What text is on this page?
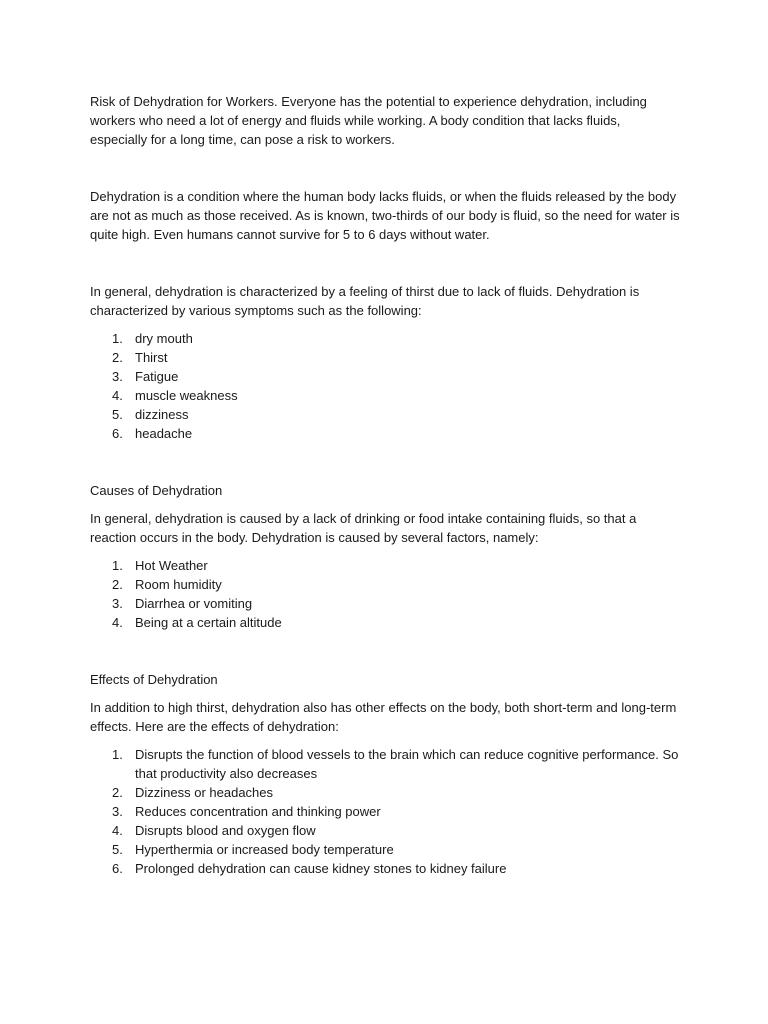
Risk of Dehydration for Workers. Everyone has the potential to experience dehydration, including workers who need a lot of energy and fluids while working. A body condition that lacks fluids, especially for a long time, can pose a risk to workers.

Dehydration is a condition where the human body lacks fluids, or when the fluids released by the body are not as much as those received. As is known, two-thirds of our body is fluid, so the need for water is quite high. Even humans cannot survive for 5 to 6 days without water.

In general, dehydration is characterized by a feeling of thirst due to lack of fluids. Dehydration is characterized by various symptoms such as the following:

1. dry mouth
2. Thirst
3. Fatigue
4. muscle weakness
5. dizziness
6. headache

Causes of Dehydration

In general, dehydration is caused by a lack of drinking or food intake containing fluids, so that a reaction occurs in the body. Dehydration is caused by several factors, namely:

1. Hot Weather
2. Room humidity
3. Diarrhea or vomiting
4. Being at a certain altitude

Effects of Dehydration

In addition to high thirst, dehydration also has other effects on the body, both short-term and long-term effects. Here are the effects of dehydration:

1. Disrupts the function of blood vessels to the brain which can reduce cognitive performance. So that productivity also decreases
2. Dizziness or headaches
3. Reduces concentration and thinking power
4. Disrupts blood and oxygen flow
5. Hyperthermia or increased body temperature
6. Prolonged dehydration can cause kidney stones to kidney failure
